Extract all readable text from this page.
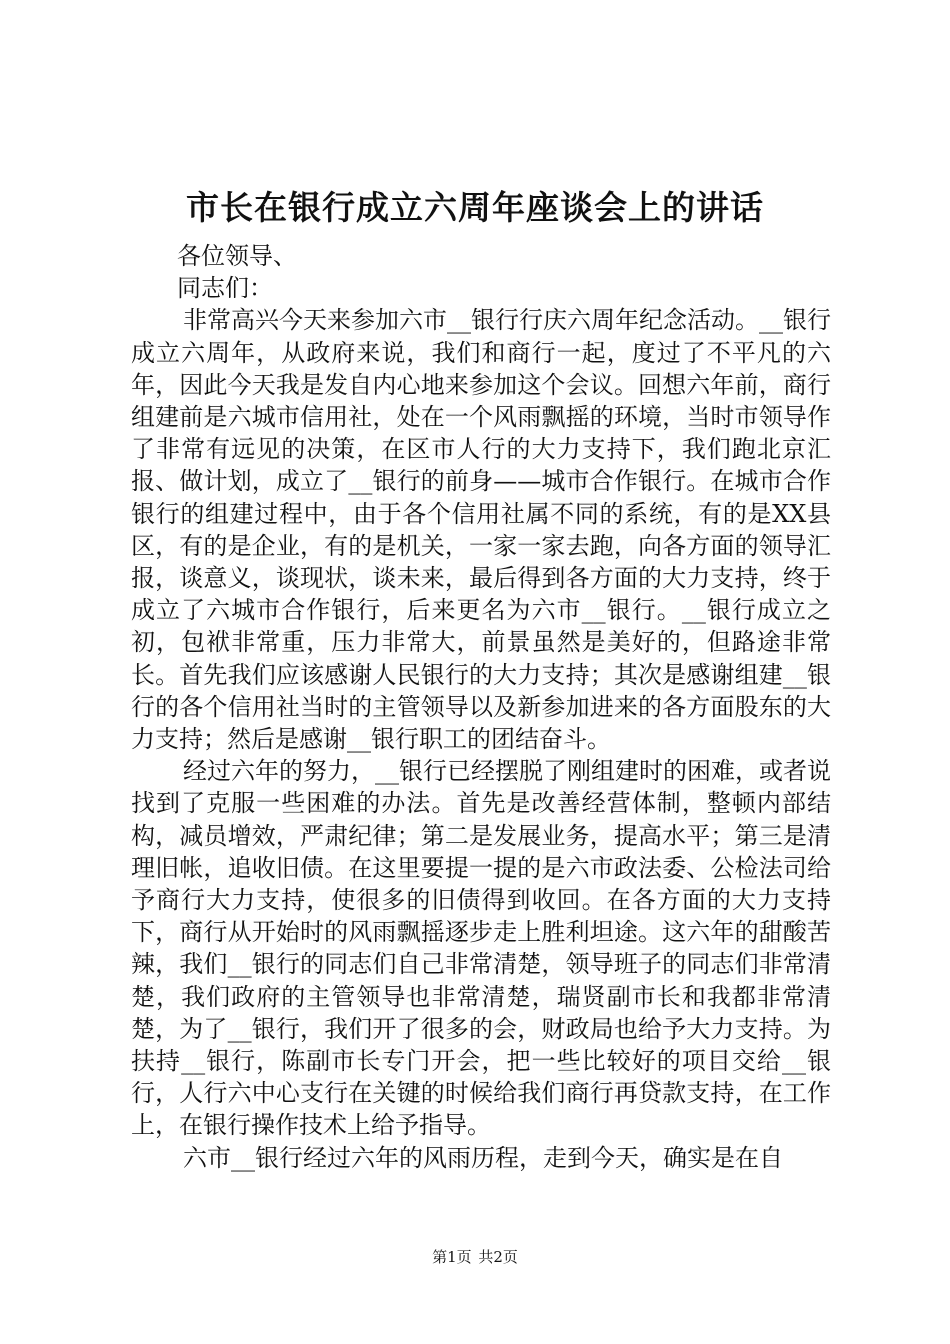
市长在银行成立六周年座谈会上的讲话

各位领导、

同志们：

非常高兴今天来参加六市__银行行庆六周年纪念活动。__银行成立六周年，从政府来说，我们和商行一起，度过了不平凡的六年，因此今天我是发自内心地来参加这个会议。回想六年前，商行组建前是六城市信用社，处在一个风雨飘摇的环境，当时市领导作了非常有远见的决策，在区市人行的大力支持下，我们跑北京汇报、做计划，成立了__银行的前身——城市合作银行。在城市合作银行的组建过程中，由于各个信用社属不同的系统，有的是XX县区，有的是企业，有的是机关，一家一家去跑，向各方面的领导汇报，谈意义，谈现状，谈未来，最后得到各方面的大力支持，终于成立了六城市合作银行，后来更名为六市__银行。__银行成立之初，包袱非常重，压力非常大，前景虽然是美好的，但路途非常长。首先我们应该感谢人民银行的大力支持；其次是感谢组建__银行的各个信用社当时的主管领导以及新参加进来的各方面股东的大力支持；然后是感谢__银行职工的团结奋斗。

经过六年的努力，__银行已经摆脱了刚组建时的困难，或者说找到了克服一些困难的办法。首先是改善经营体制，整顿内部结构，减员增效，严肃纪律；第二是发展业务，提高水平；第三是清理旧帐，追收旧债。在这里要提一提的是六市政法委、公检法司给予商行大力支持，使很多的旧债得到收回。在各方面的大力支持下，商行从开始时的风雨飘摇逐步走上胜利坦途。这六年的甜酸苦辣，我们__银行的同志们自己非常清楚，领导班子的同志们非常清楚，我们政府的主管领导也非常清楚，瑞贤副市长和我都非常清楚，为了__银行，我们开了很多的会，财政局也给予大力支持。为扶持__银行，陈副市长专门开会，把一些比较好的项目交给__银行，人行六中心支行在关键的时候给我们商行再贷款支持，在工作上，在银行操作技术上给予指导。

六市__银行经过六年的风雨历程，走到今天，确实是在自

第1页 共2页
